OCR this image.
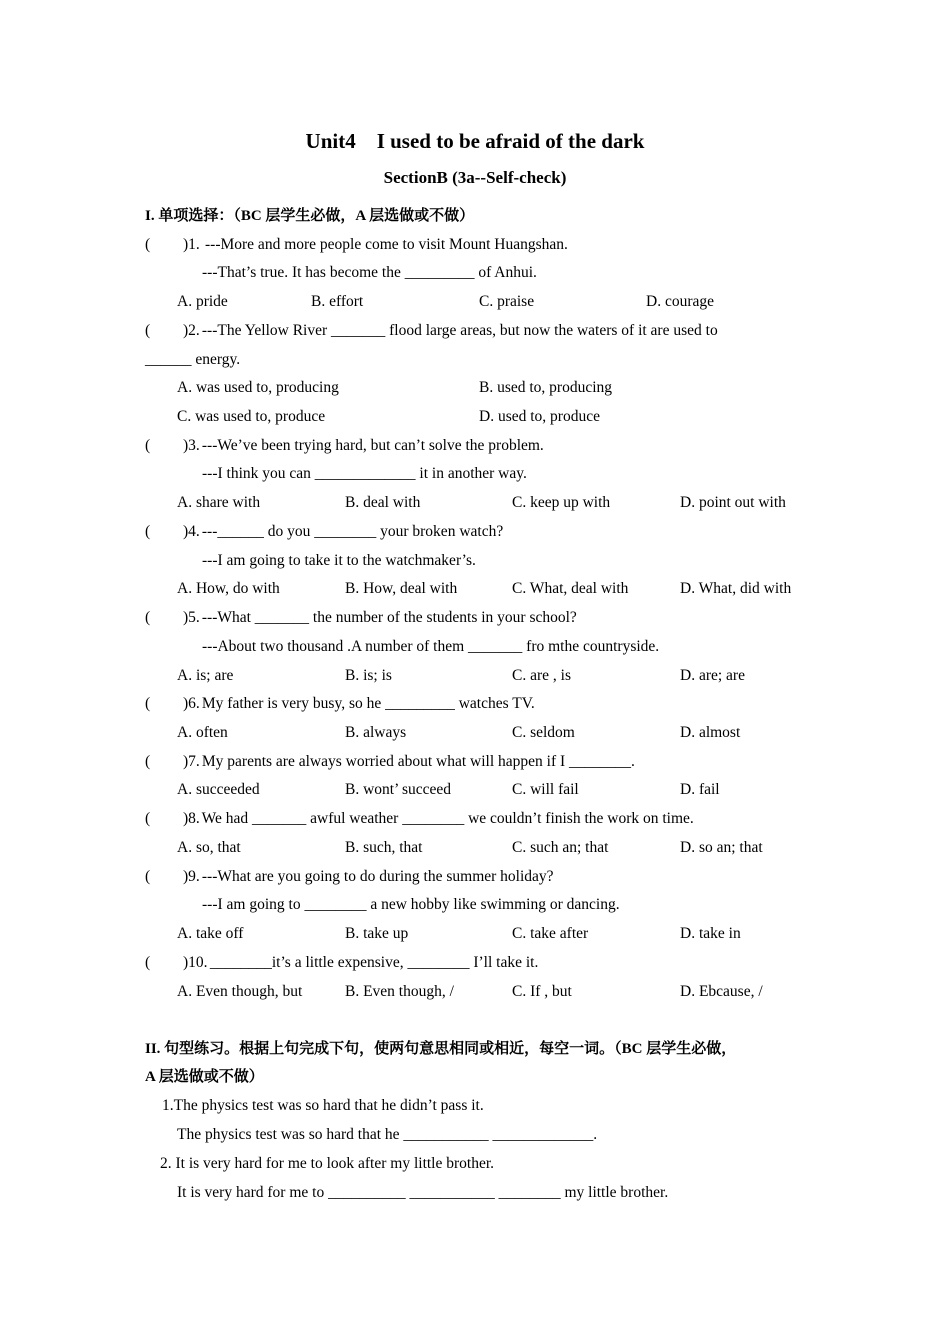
Unit4    I used to be afraid of the dark
SectionB (3a--Self-check)
I. 单项选择：（BC 层学生必做，A 层选做或不做）
( )1. ---More and more people come to visit Mount Huangshan.
---That’s true. It has become the _________ of Anhui.
A. pride	B. effort	C. praise	D. courage
( )2.
---The Yellow River _______ flood large areas, but now the waters of it are used to
______ energy.
A. was used to, producing	B. used to, producing
C. was used to, produce	D. used to, produce
( )3.
---We’ve been trying hard, but can’t solve the problem.
---I think you can _____________ it in another way.
A. share with	B. deal with	C. keep up with	D. point out with
( )4.
---______ do you ________ your broken watch?
---I am going to take it to the watchmaker’s.
A. How, do with	B. How, deal with	C. What, deal with	D. What, did with
( )5.
---What _______ the number of the students in your school?
---About two thousand .A number of them _______ fro mthe countryside.
A. is; are	B. is; is	C. are , is	D. are; are
( )6.
My father is very busy, so he _________ watches TV.
A. often	B. always	C. seldom	D. almost
( )7.
My parents are always worried about what will happen if I ________.
A. succeeded	B. wont’ succeed	C. will fail	D. fail
( )8.
We had _______ awful weather ________ we couldn’t finish the work on time.
A. so, that	B. such, that	C. such an; that	D. so an; that
( )9.
---What are you going to do during the summer holiday?
---I am going to ________ a new hobby like swimming or dancing.
A. take off	B. take up	C. take after	D. take in
( )10.
________it’s a little expensive, ________ I’ll take it.
A. Even though, but	B. Even though, /	C. If , but	D. Ebcause, /
II. 句型练习。根据上句完成下句，使两句意思相同或相近，每空一词。（BC 层学生必做，
A 层选做或不做）
1.The physics test was so hard that he didn’t pass it.
The physics test was so hard that he ___________ _____________.
2. It is very hard for me to look after my little brother.
It is very hard for me to __________ ___________ ________ my little brother.
